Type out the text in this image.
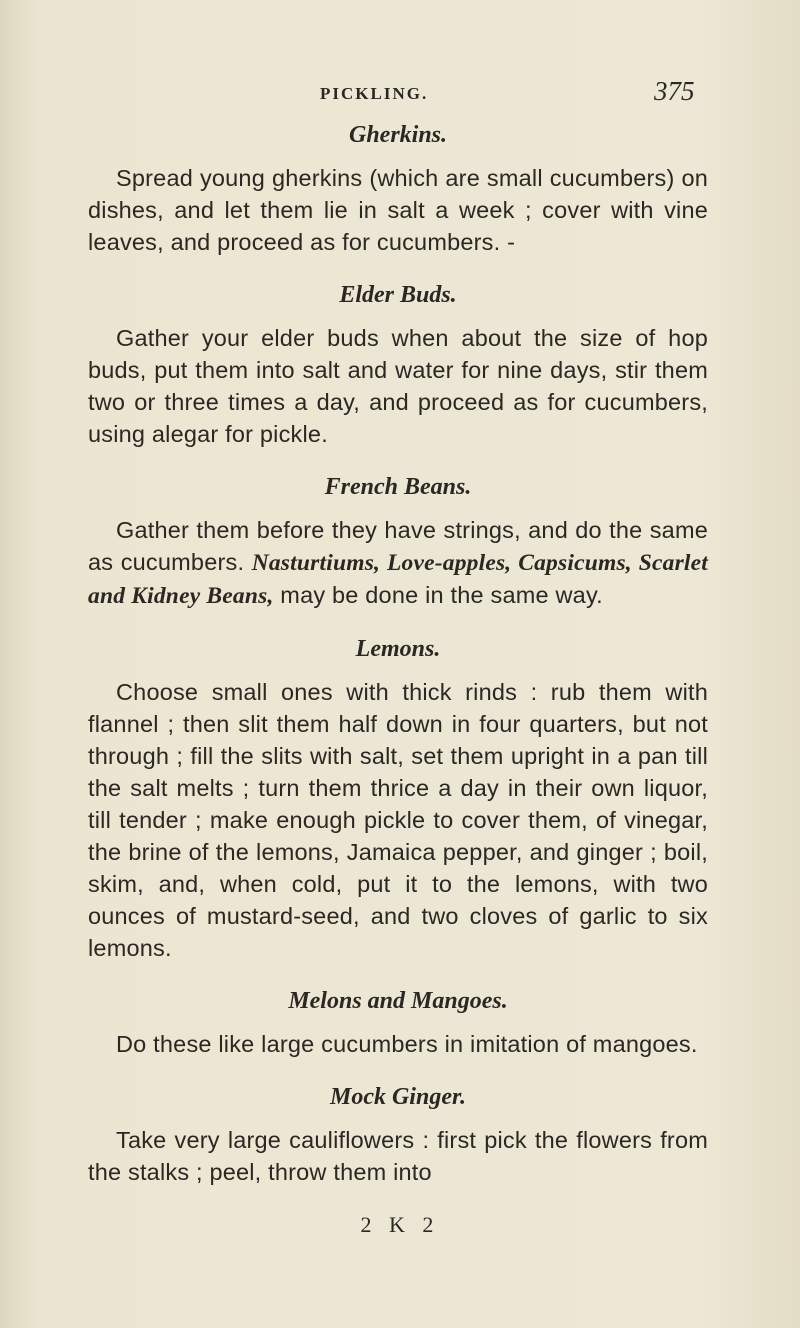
PICKLING.	375
Gherkins.

Spread young gherkins (which are small cucumbers) on dishes, and let them lie in salt a week ; cover with vine leaves, and proceed as for cucumbers. -

Elder Buds.

Gather your elder buds when about the size of hop buds, put them into salt and water for nine days, stir them two or three times a day, and proceed as for cucumbers, using alegar for pickle.

French Beans.

Gather them before they have strings, and do the same as cucumbers. Nasturtiums, Love-apples, Capsicums, Scarlet and Kidney Beans, may be done in the same way.

Lemons.

Choose small ones with thick rinds : rub them with flannel ; then slit them half down in four quarters, but not through ; fill the slits with salt, set them upright in a pan till the salt melts ; turn them thrice a day in their own liquor, till tender ; make enough pickle to cover them, of vinegar, the brine of the lemons, Jamaica pepper, and ginger ; boil, skim, and, when cold, put it to the lemons, with two ounces of mustard-seed, and two cloves of garlic to six lemons.

Melons and Mangoes.

Do these like large cucumbers in imitation of mangoes.

Mock Ginger.

Take very large cauliflowers : first pick the flowers from the stalks ; peel, throw them into

2 K 2
